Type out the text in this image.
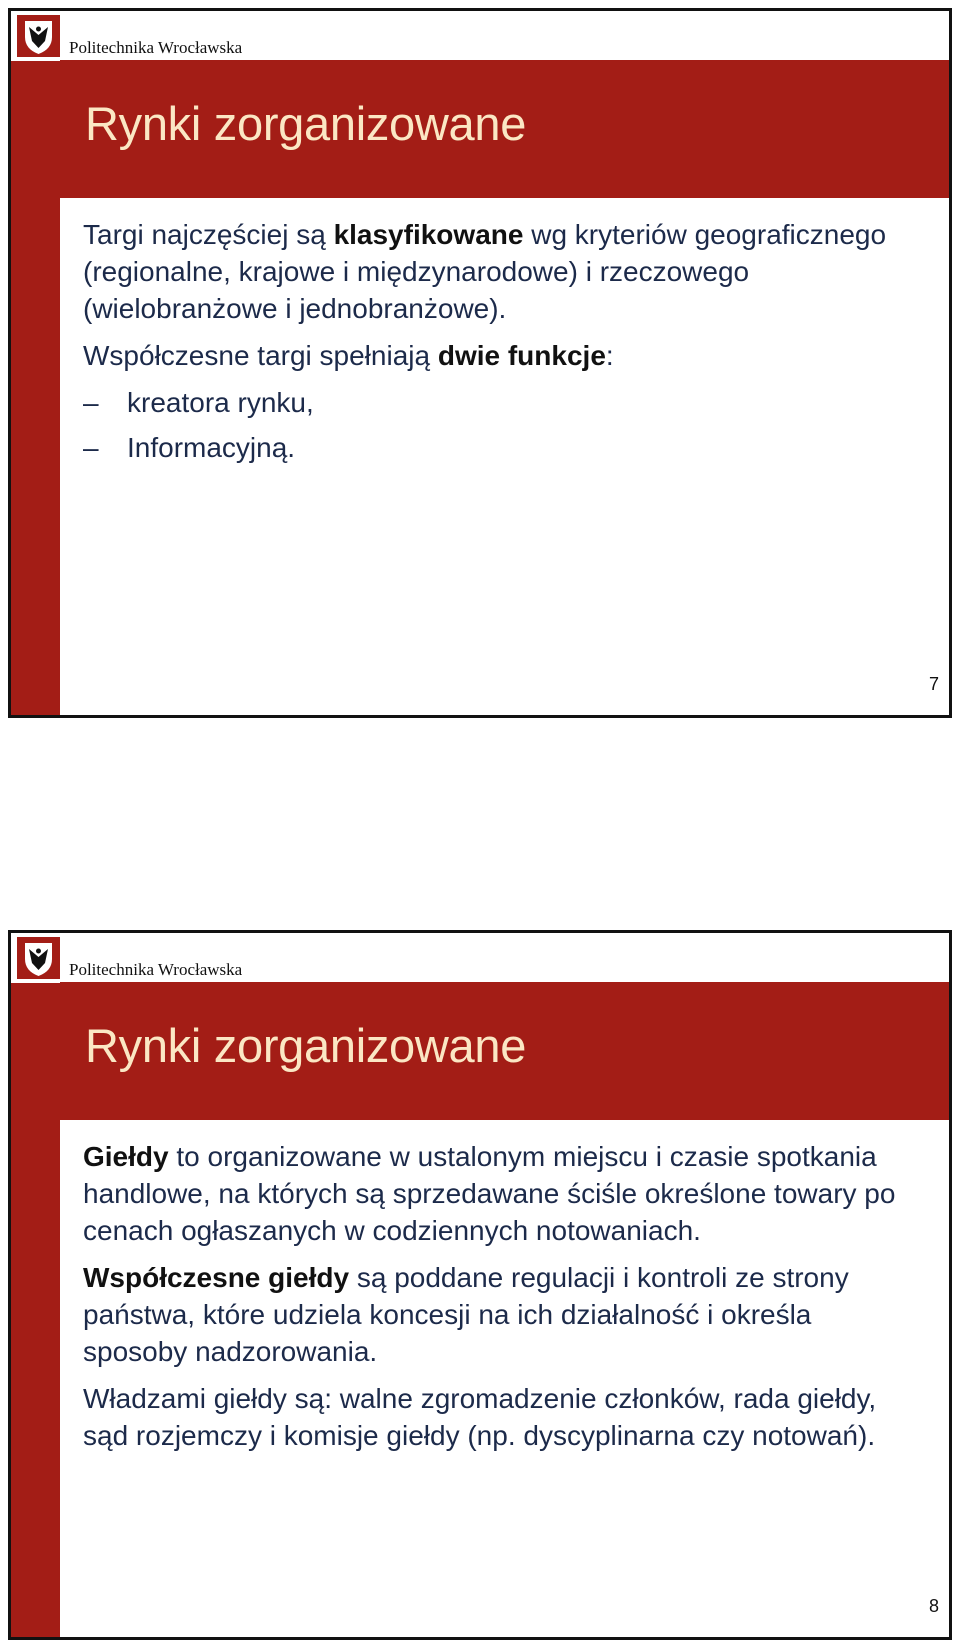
Politechnika Wrocławska
Rynki zorganizowane

Targi najczęściej są klasyfikowane wg kryteriów geograficznego (regionalne, krajowe i międzynarodowe) i rzeczowego (wielobranżowe i jednobranżowe).

Współczesne targi spełniają dwie funkcje:

– kreatora rynku,
– Informacyjną.
7
Politechnika Wrocławska
Rynki zorganizowane

Giełdy to organizowane w ustalonym miejscu i czasie spotkania handlowe, na których są sprzedawane ściśle określone towary po cenach ogłaszanych w codziennych notowaniach.

Współczesne giełdy są poddane regulacji i kontroli ze strony państwa, które udziela koncesji na ich działalność i określa sposoby nadzorowania.

Władzami giełdy są: walne zgromadzenie członków, rada giełdy, sąd rozjemczy i komisje giełdy (np. dyscyplinarna czy notowań).

8
